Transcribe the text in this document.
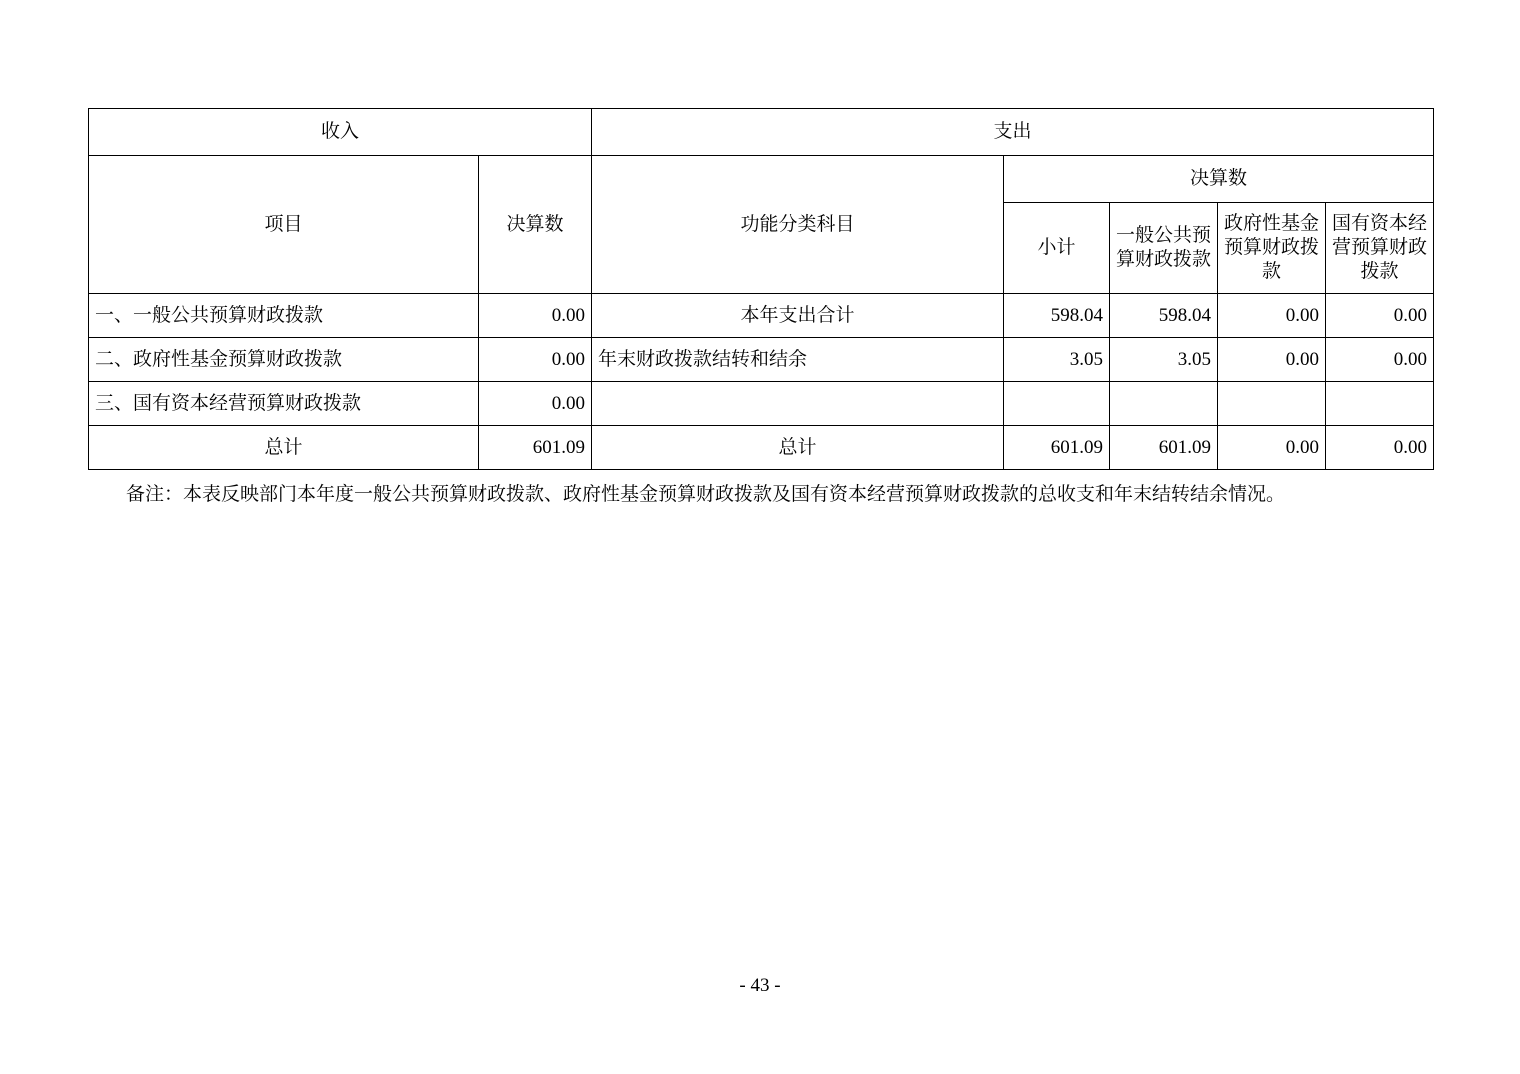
收入		支出				
项目	决算数	功能分类科目	决算数			
			小计	一般公共预算财政拨款	政府性基金预算财政拨款	国有资本经营预算财政拨款
一、一般公共预算财政拨款	0.00	本年支出合计	598.04	598.04	0.00	0.00
二、政府性基金预算财政拨款	0.00	年末财政拨款结转和结余	3.05	3.05	0.00	0.00
三、国有资本经营预算财政拨款	0.00					
总计	601.09	总计	601.09	601.09	0.00	0.00
备注：本表反映部门本年度一般公共预算财政拨款、政府性基金预算财政拨款及国有资本经营预算财政拨款的总收支和年末结转结余情况。
- 43 -
